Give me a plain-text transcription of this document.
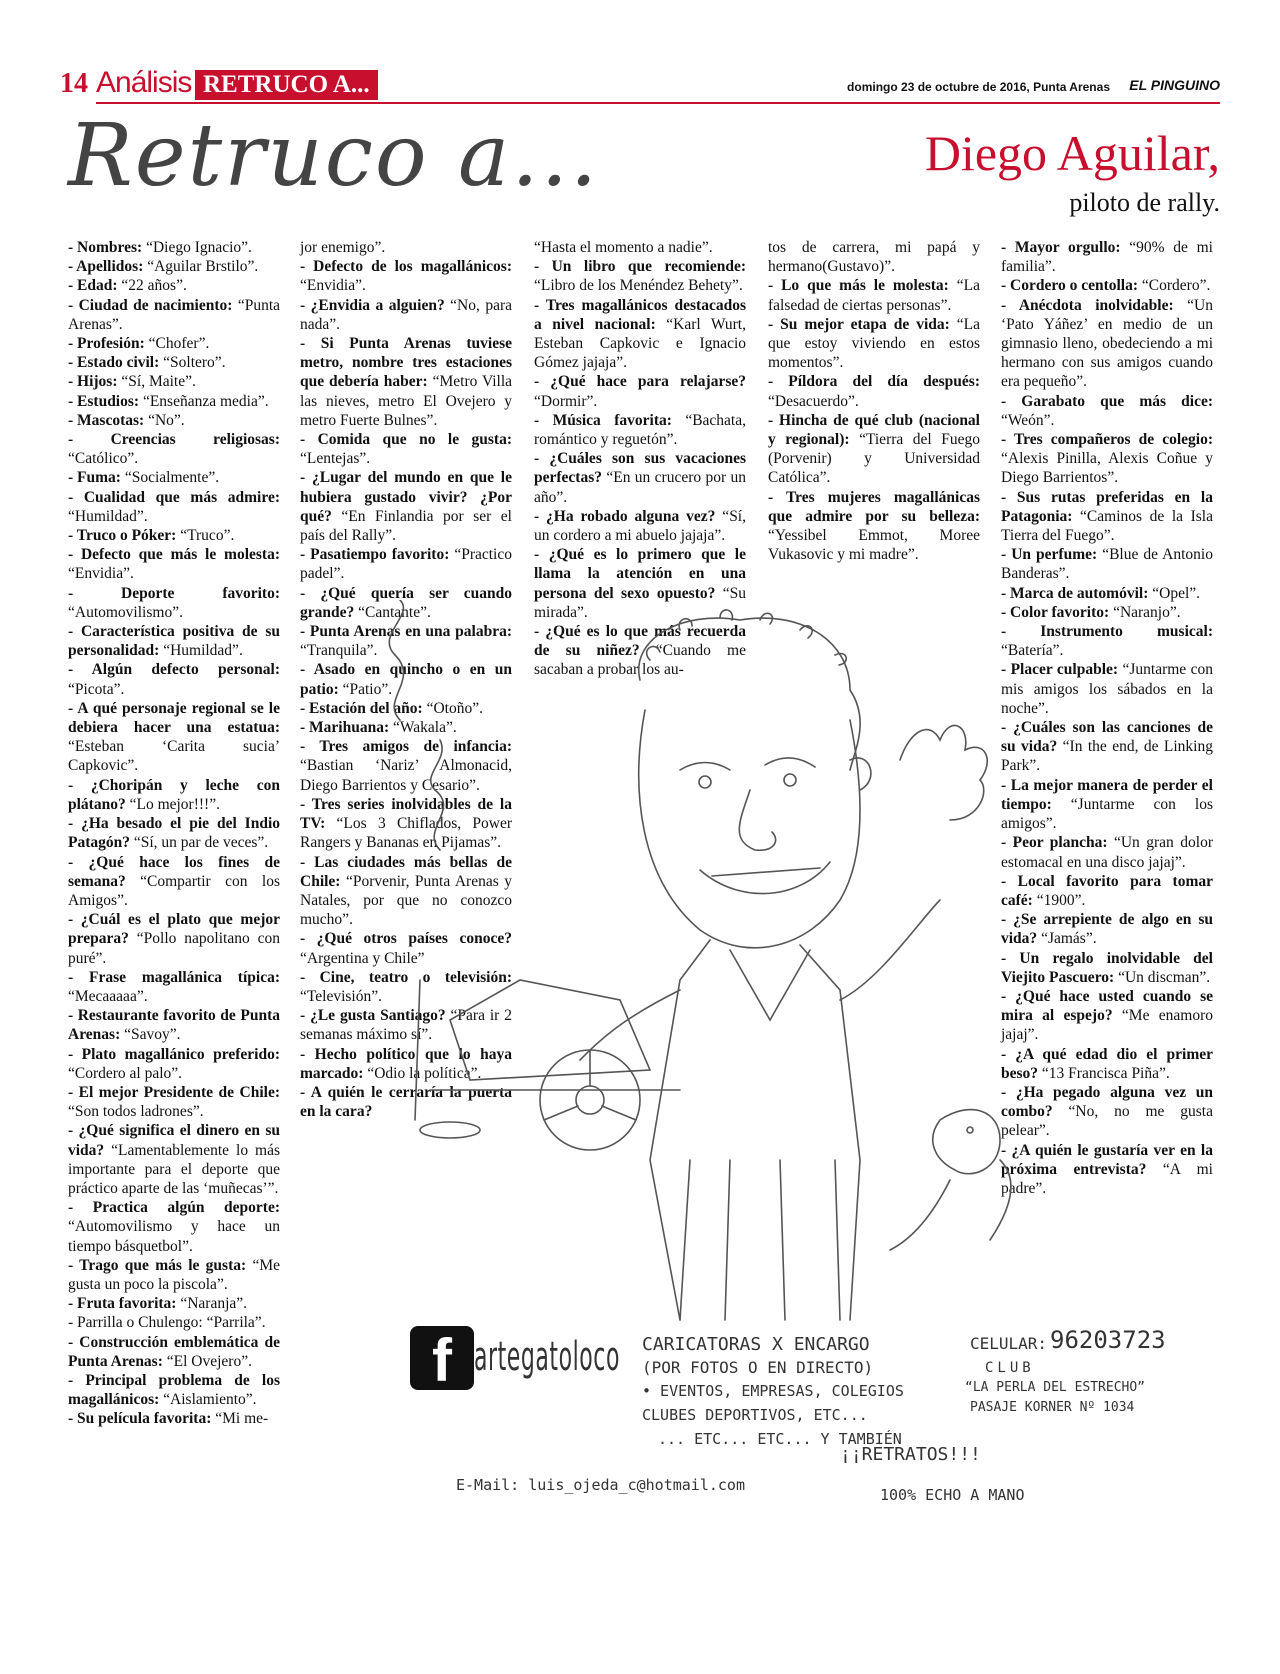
14 Análisis RETRUCO A...	domingo 23 de octubre de 2016, Punta Arenas EL PINGUINO
Retruco a...	Diego Aguilar,
piloto de rally.

- Nombres: “Diego Ignacio”.

- Apellidos: “Aguilar Brstilo”.

- Edad: “22 años”.

- Ciudad de nacimiento: “Punta Arenas”.

- Profesión: “Chofer”.

- Estado civil: “Soltero”.

- Hijos: “Sí, Maite”.

- Estudios: “Enseñanza media”.

- Mascotas: “No”.

- Creencias religiosas: “Católico”.

- Fuma: “Socialmente”.

- Cualidad que más admire: “Humildad”.

- Truco o Póker: “Truco”.

- Defecto que más le molesta: “Envidia”.

- Deporte favorito: “Automovilismo”.

- Característica positiva de su personalidad: “Humildad”.

- Algún defecto personal: “Picota”.

- A qué personaje regional se le debiera hacer una estatua: “Esteban ‘Carita sucia’ Capkovic”.

- ¿Choripán y leche con plátano? “Lo mejor!!!”.

- ¿Ha besado el pie del Indio Patagón? “Sí, un par de veces”.

- ¿Qué hace los fines de semana? “Compartir con los Amigos”.

- ¿Cuál es el plato que mejor prepara? “Pollo napolitano con puré”.

- Frase magallánica típica: “Mecaaaaa”.

- Restaurante favorito de Punta Arenas: “Savoy”.

- Plato magallánico preferido: “Cordero al palo”.

- El mejor Presidente de Chile: “Son todos ladrones”.

- ¿Qué significa el dinero en su vida? “Lamentablemente lo más importante para el deporte que práctico aparte de las ‘muñecas’”.

- Practica algún deporte: “Automovilismo y hace un tiempo básquetbol”.

- Trago que más le gusta: “Me gusta un poco la piscola”.

- Fruta favorita: “Naranja”.

- Parrilla o Chulengo: “Parrila”.

- Construcción emblemática de Punta Arenas: “El Ovejero”.

- Principal problema de los magallánicos: “Aislamiento”.

- Su película favorita: “Mi me-

jor enemigo”.

- Defecto de los magallánicos: “Envidia”.

- ¿Envidia a alguien? “No, para nada”.

- Si Punta Arenas tuviese metro, nombre tres estaciones que debería haber: “Metro Villa las nieves, metro El Ovejero y metro Fuerte Bulnes”.

- Comida que no le gusta: “Lentejas”.

- ¿Lugar del mundo en que le hubiera gustado vivir? ¿Por qué? “En Finlandia por ser el país del Rally”.

- Pasatiempo favorito: “Practico padel”.

- ¿Qué quería ser cuando grande? “Cantante”.

- Punta Arenas en una palabra: “Tranquila”.

- Asado en quincho o en un patio: “Patio”.

- Estación del año: “Otoño”.

- Marihuana: “Wakala”.

- Tres amigos de infancia: “Bastian ‘Nariz’ Almonacid, Diego Barrientos y Cesario”.

- Tres series inolvidables de la TV: “Los 3 Chiflados, Power Rangers y Bananas en Pijamas”.

- Las ciudades más bellas de Chile: “Porvenir, Punta Arenas y Natales, por que no conozco mucho”.

- ¿Qué otros países conoce? “Argentina y Chile”

- Cine, teatro o televisión: “Televisión”.

- ¿Le gusta Santiago? “Para ir 2 semanas máximo sí”.

- Hecho político que lo haya marcado: “Odio la política”.

- A quién le cerraría la puerta en la cara?

“Hasta el momento a nadie”.

- Un libro que recomiende: “Libro de los Menéndez Behety”.

- Tres magallánicos destacados a nivel nacional: “Karl Wurt, Esteban Capkovic e Ignacio Gómez jajaja”.

- ¿Qué hace para relajarse? “Dormir”.

- Música favorita: “Bachata, romántico y reguetón”.

- ¿Cuáles son sus vacaciones perfectas? “En un crucero por un año”.

- ¿Ha robado alguna vez? “Sí, un cordero a mi abuelo jajaja”.

- ¿Qué es lo primero que le llama la atención en una persona del sexo opuesto? “Su mirada”.

- ¿Qué es lo que más recuerda de su niñez? “Cuando me sacaban a probar los au-

tos de carrera, mi papá y hermano(Gustavo)”.

- Lo que más le molesta: “La falsedad de ciertas personas”.

- Su mejor etapa de vida: “La que estoy viviendo en estos momentos”.

- Píldora del día después: “Desacuerdo”.

- Hincha de qué club (nacional y regional): “Tierra del Fuego (Porvenir) y Universidad Católica”.

- Tres mujeres magallánicas que admire por su belleza: “Yessibel Emmot, Moree Vukasovic y mi madre”.

- Mayor orgullo: “90% de mi familia”.

- Cordero o centolla: “Cordero”.

- Anécdota inolvidable: “Un ‘Pato Yáñez’ en medio de un gimnasio lleno, obedeciendo a mi hermano con sus amigos cuando era pequeño”.

- Garabato que más dice: “Weón”.

- Tres compañeros de colegio: “Alexis Pinilla, Alexis Coñue y Diego Barrientos”.

- Sus rutas preferidas en la Patagonia: “Caminos de la Isla Tierra del Fuego”.

- Un perfume: “Blue de Antonio Banderas”.

- Marca de automóvil: “Opel”.

- Color favorito: “Naranjo”.

- Instrumento musical: “Batería”.

- Placer culpable: “Juntarme con mis amigos los sábados en la noche”.

- ¿Cuáles son las canciones de su vida? “In the end, de Linking Park”.

- La mejor manera de perder el tiempo: “Juntarme con los amigos”.

- Peor plancha: “Un gran dolor estomacal en una disco jajaj”.

- Local favorito para tomar café: “1900”.

- ¿Se arrepiente de algo en su vida? “Jamás”.

- Un regalo inolvidable del Viejito Pascuero: “Un discman”.

- ¿Qué hace usted cuando se mira al espejo? “Me enamoro jajaj”.

- ¿A qué edad dio el primer beso? “13 Francisca Piña”.

- ¿Ha pegado alguna vez un combo? “No, no me gusta pelear”.

- ¿A quién le gustaría ver en la próxima entrevista? “A mi padre”.

f artegatoloco CARICATORAS X ENCARGO
(POR FOTOS O EN DIRECTO)
• EVENTOS, EMPRESAS, COLEGIOS
CLUBES DEPORTIVOS, ETC...
... ETC... ETC... Y TAMBIÉN
¡¡RETRATOS!!!
100% ECHO A MANO
E-Mail: luis_ojeda_c@hotmail.com
CELULAR: 96203723
CLUB
“LA PERLA DEL ESTRECHO”
PASAJE KORNER Nº 1034
